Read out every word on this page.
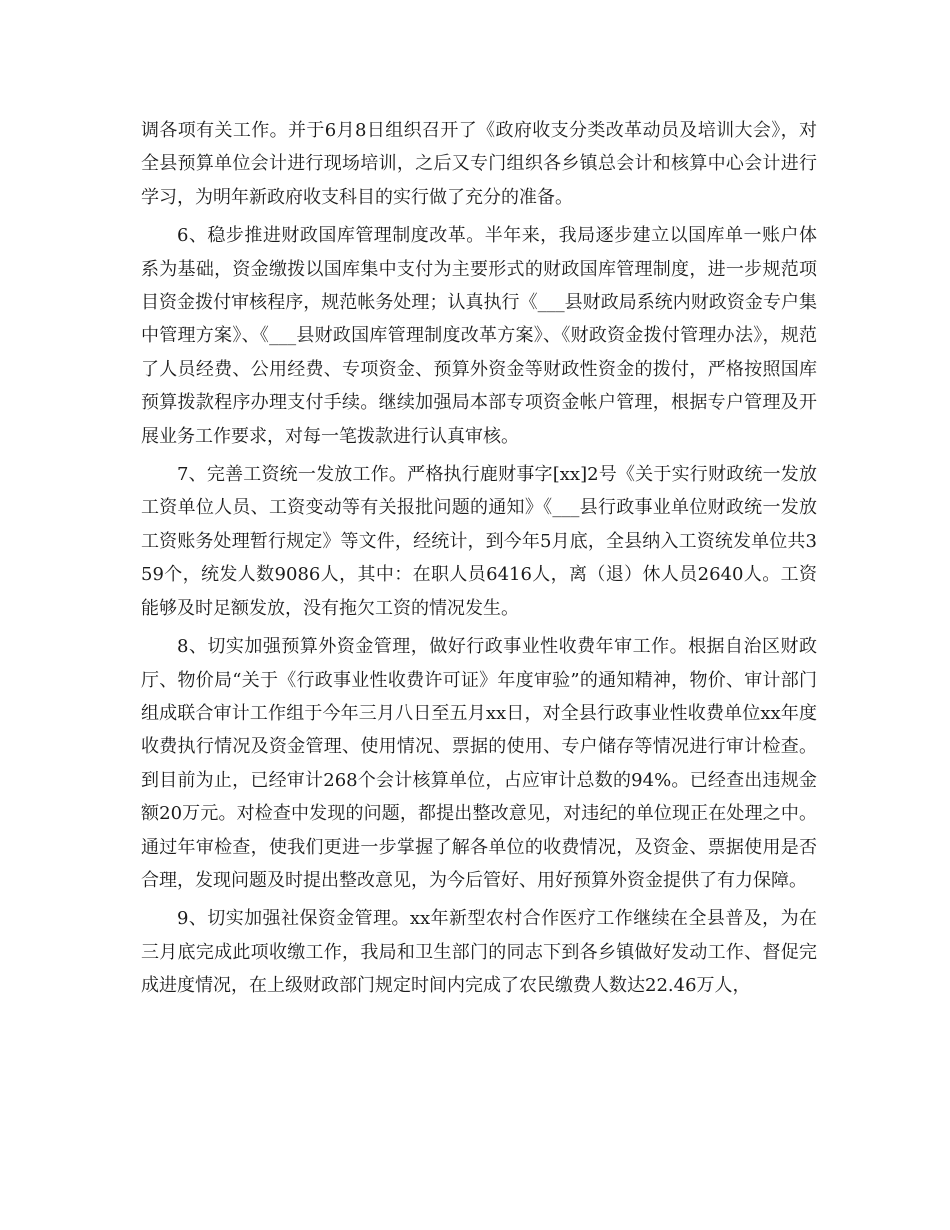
调各项有关工作。并于6月8日组织召开了《政府收支分类改革动员及培训大会》，对全县预算单位会计进行现场培训，之后又专门组织各乡镇总会计和核算中心会计进行学习，为明年新政府收支科目的实行做了充分的准备。

6、稳步推进财政国库管理制度改革。半年来，我局逐步建立以国库单一账户体系为基础，资金缴拨以国库集中支付为主要形式的财政国库管理制度，进一步规范项目资金拨付审核程序，规范帐务处理；认真执行《___县财政局系统内财政资金专户集中管理方案》、《___县财政国库管理制度改革方案》、《财政资金拨付管理办法》，规范了人员经费、公用经费、专项资金、预算外资金等财政性资金的拨付，严格按照国库预算拨款程序办理支付手续。继续加强局本部专项资金帐户管理，根据专户管理及开展业务工作要求，对每一笔拨款进行认真审核。

7、完善工资统一发放工作。严格执行鹿财事字[xx]2号《关于实行财政统一发放工资单位人员、工资变动等有关报批问题的通知》《___县行政事业单位财政统一发放工资账务处理暂行规定》等文件，经统计，到今年5月底，全县纳入工资统发单位共359个，统发人数9086人，其中：在职人员6416人，离（退）休人员2640人。工资能够及时足额发放，没有拖欠工资的情况发生。

8、切实加强预算外资金管理，做好行政事业性收费年审工作。根据自治区财政厅、物价局“关于《行政事业性收费许可证》年度审验”的通知精神，物价、审计部门组成联合审计工作组于今年三月八日至五月xx日，对全县行政事业性收费单位xx年度收费执行情况及资金管理、使用情况、票据的使用、专户储存等情况进行审计检查。到目前为止，已经审计268个会计核算单位，占应审计总数的94%。已经查出违规金额20万元。对检查中发现的问题，都提出整改意见，对违纪的单位现正在处理之中。通过年审检查，使我们更进一步掌握了解各单位的收费情况，及资金、票据使用是否合理，发现问题及时提出整改意见，为今后管好、用好预算外资金提供了有力保障。

9、切实加强社保资金管理。xx年新型农村合作医疗工作继续在全县普及，为在三月底完成此项收缴工作，我局和卫生部门的同志下到各乡镇做好发动工作、督促完成进度情况，在上级财政部门规定时间内完成了农民缴费人数达22.46万人，
